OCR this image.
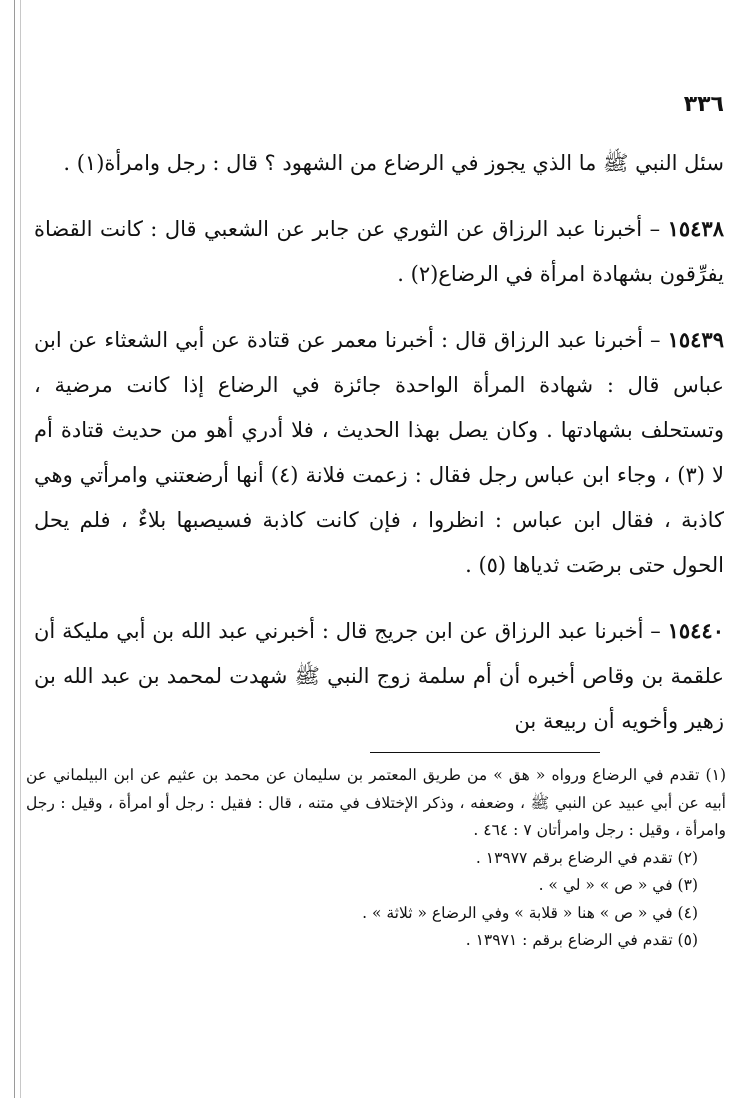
٣٣٦

سئل النبي ﷺ ما الذي يجوز في الرضاع من الشهود ؟ قال : رجل وامرأة(١) .

١٥٤٣٨ – أخبرنا عبد الرزاق عن الثوري عن جابر عن الشعبي قال : كانت القضاة يفرِّقون بشهادة امرأة في الرضاع(٢) .

١٥٤٣٩ – أخبرنا عبد الرزاق قال : أخبرنا معمر عن قتادة عن أبي الشعثاء عن ابن عباس قال : شهادة المرأة الواحدة جائزة في الرضاع إذا كانت مرضية ، وتستحلف بشهادتها . وكان يصل بهذا الحديث ، فلا أدري أهو من حديث قتادة أم لا (٣) ، وجاء ابن عباس رجل فقال : زعمت فلانة (٤) أنها أرضعتني وامرأتي وهي كاذبة ، فقال ابن عباس : انظروا ، فإن كانت كاذبة فسيصبها بلاءٌ ، فلم يحل الحول حتى برصَت ثدياها (٥) .

١٥٤٤٠ – أخبرنا عبد الرزاق عن ابن جريج قال : أخبرني عبد الله بن أبي مليكة أن علقمة بن وقاص أخبره أن أم سلمة زوج النبي ﷺ شهدت لمحمد بن عبد الله بن زهير وأخويه أن ربيعة بن

(١) تقدم في الرضاع ورواه « هق » من طريق المعتمر بن سليمان عن محمد بن عثيم عن ابن البيلماني عن أبيه عن أبي عبيد عن النبي ﷺ ، وضعفه ، وذكر الإختلاف في متنه ، قال : فقيل : رجل أو امرأة ، وقيل : رجل وامرأة ، وقيل : رجل وامرأتان ٧ : ٤٦٤ .

(٢) تقدم في الرضاع برقم ١٣٩٧٧ .

(٣) في « ص » « لي » .

(٤) في « ص » هنا « قلابة » وفي الرضاع « ثلاثة » .

(٥) تقدم في الرضاع برقم : ١٣٩٧١ .
